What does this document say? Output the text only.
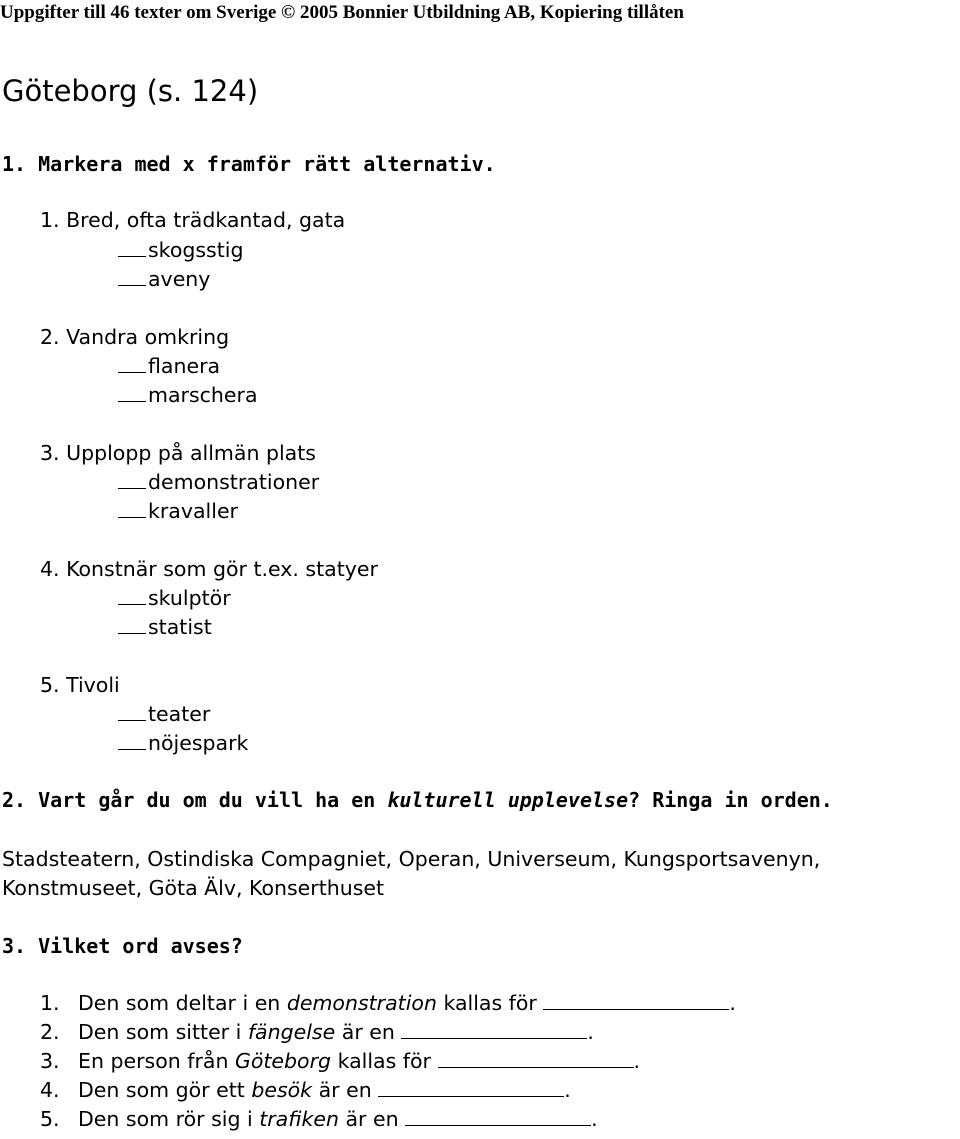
Uppgifter till 46 texter om Sverige © 2005 Bonnier Utbildning AB, Kopiering tillåten
Göteborg (s. 124)
1. Markera med x framför rätt alternativ.
1. Bred, ofta trädkantad, gata
skogsstig
aveny
2. Vandra omkring
flanera
marschera
3. Upplopp på allmän plats
demonstrationer
kravaller
4. Konstnär som gör t.ex. statyer
skulptör
statist
5. Tivoli
teater
nöjespark
2. Vart går du om du vill ha en kulturell upplevelse? Ringa in orden.
Stadsteatern, Ostindiska Compagniet, Operan, Universeum, Kungsportsavenyn,
Konstmuseet, Göta Älv, Konserthuset
3. Vilket ord avses?
1. Den som deltar i en demonstration kallas för	.
2. Den som sitter i fängelse är en	.
3. En person från Göteborg kallas för	.
4. Den som gör ett besök är en	.
5. Den som rör sig i trafiken är en	.
